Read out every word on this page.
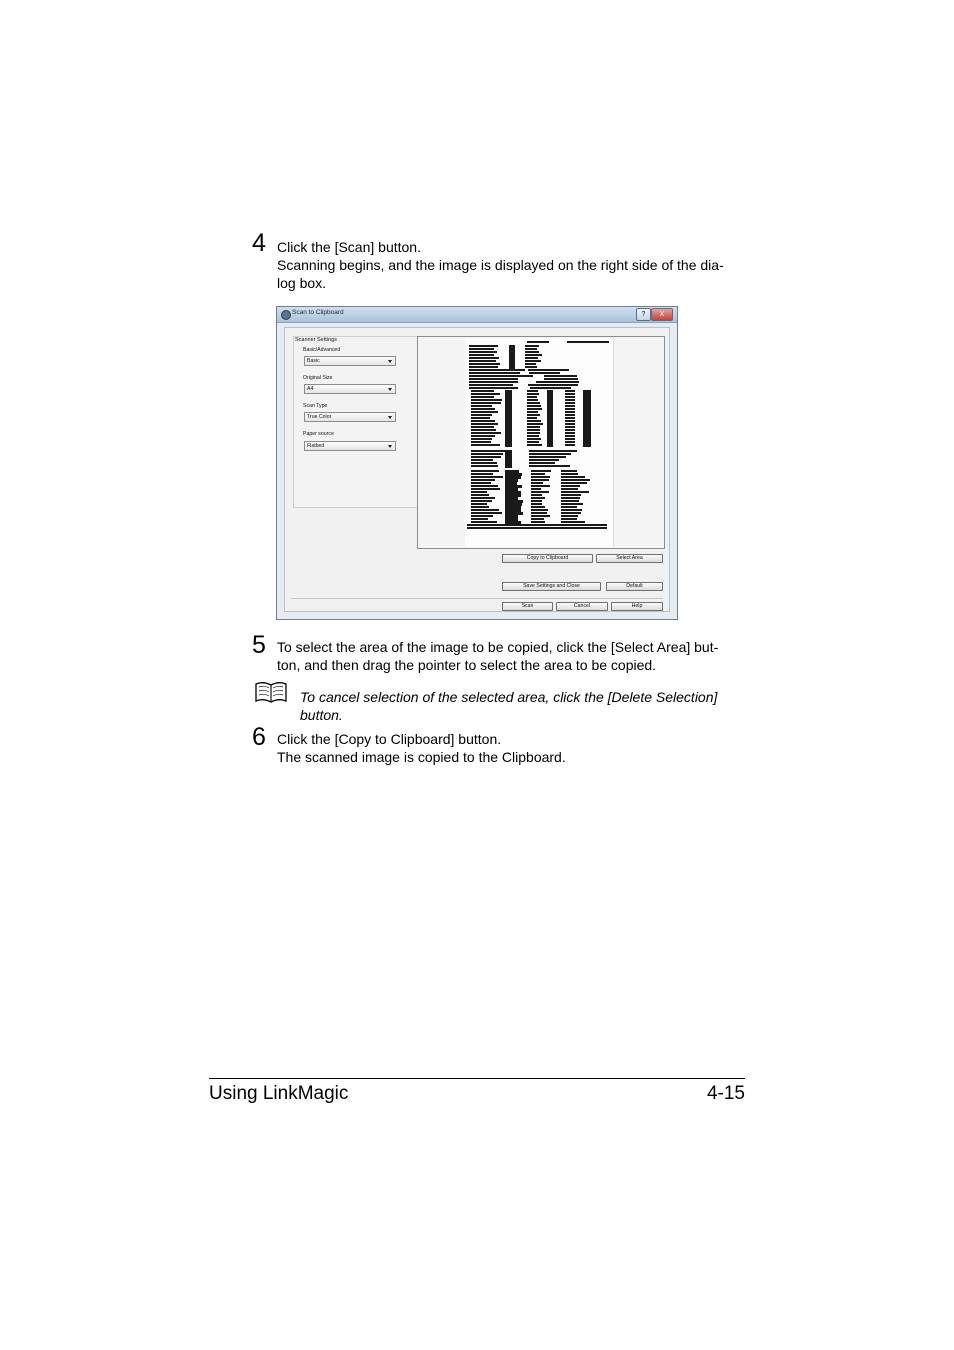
4 Click the [Scan] button.
Scanning begins, and the image is displayed on the right side of the dia-
log box.
Scan to Clipboard	?	X
Scanner Settings
Basic/Advanced
Basic
Original Size
A4
Scan Type
True Color
Paper source
Flatbed
Copy to Clipboard	Select Area
Save Settings and Close	Default
Scan	Cancel	Help
5 To select the area of the image to be copied, click the [Select Area] but-
ton, and then drag the pointer to select the area to be copied.
To cancel selection of the selected area, click the [Delete Selection]
button.
6 Click the [Copy to Clipboard] button.
The scanned image is copied to the Clipboard.
Using LinkMagic	4-15
